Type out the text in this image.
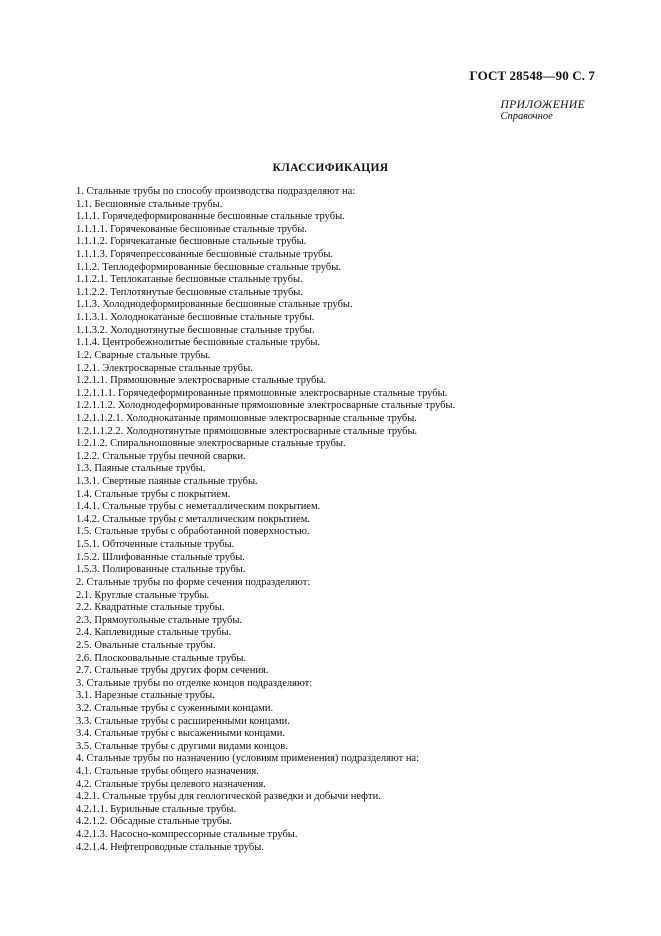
ГОСТ 28548—90 С. 7
ПРИЛОЖЕНИЕ
Справочное
КЛАССИФИКАЦИЯ
1. Стальные трубы по способу производства подразделяют на:
1.1. Бесшовные стальные трубы.
1.1.1. Горячедеформированные бесшовные стальные трубы.
1.1.1.1. Горячекованые бесшовные стальные трубы.
1.1.1.2. Горячекатаные бесшовные стальные трубы.
1.1.1.3. Горячепрессованные бесшовные стальные трубы.
1.1.2. Теплодеформированные бесшовные стальные трубы.
1.1.2.1. Теплокатаные бесшовные стальные трубы.
1.1.2.2. Теплотянутые бесшовные стальные трубы.
1.1.3. Холоднодеформированные бесшовные стальные трубы.
1.1.3.1. Холоднокатаные бесшовные стальные трубы.
1.1.3.2. Холоднотянутые бесшовные стальные трубы.
1.1.4. Центробежнолитые бесшовные стальные трубы.
1.2. Сварные стальные трубы.
1.2.1. Электросварные стальные трубы.
1.2.1.1. Прямошовные электросварные стальные трубы.
1.2.1.1.1. Горячедеформированные прямошовные электросварные стальные трубы.
1.2.1.1.2. Холоднодеформированные прямошовные электросварные стальные трубы.
1.2.1.1.2.1. Холоднокатаные прямошовные электросварные стальные трубы.
1.2.1.1.2.2. Холоднотянутые прямошовные электросварные стальные трубы.
1.2.1.2. Спиральношовные электросварные стальные трубы.
1.2.2. Стальные трубы печной сварки.
1.3. Паяные стальные трубы.
1.3.1. Свертные паяные стальные трубы.
1.4. Стальные трубы с покрытием.
1.4.1. Стальные трубы с неметаллическим покрытием.
1.4.2. Стальные трубы с металлическим покрытием.
1.5. Стальные трубы с обработанной поверхностью.
1.5.1. Обточенные стальные трубы.
1.5.2. Шлифованные стальные трубы.
1.5.3. Полированные стальные трубы.
2. Стальные трубы по форме сечения подразделяют:
2.1. Круглые стальные трубы.
2.2. Квадратные стальные трубы.
2.3. Прямоугольные стальные трубы.
2.4. Каплевидные стальные трубы.
2.5. Овальные стальные трубы.
2.6. Плоскоовальные стальные трубы.
2.7. Стальные трубы других форм сечения.
3. Стальные трубы по отделке концов подразделяют:
3.1. Нарезные стальные трубы.
3.2. Стальные трубы с суженными концами.
3.3. Стальные трубы с расширенными концами.
3.4. Стальные трубы с высаженными концами.
3.5. Стальные трубы с другими видами концов.
4. Стальные трубы по назначению (условиям применения) подразделяют на:
4.1. Стальные трубы общего назначения.
4.2. Стальные трубы целевого назначения.
4.2.1. Стальные трубы для геологической разведки и добычи нефти.
4.2.1.1. Бурильные стальные трубы.
4.2.1.2. Обсадные стальные трубы.
4.2.1.3. Насосно-компрессорные стальные трубы.
4.2.1.4. Нефтепроводные стальные трубы.
